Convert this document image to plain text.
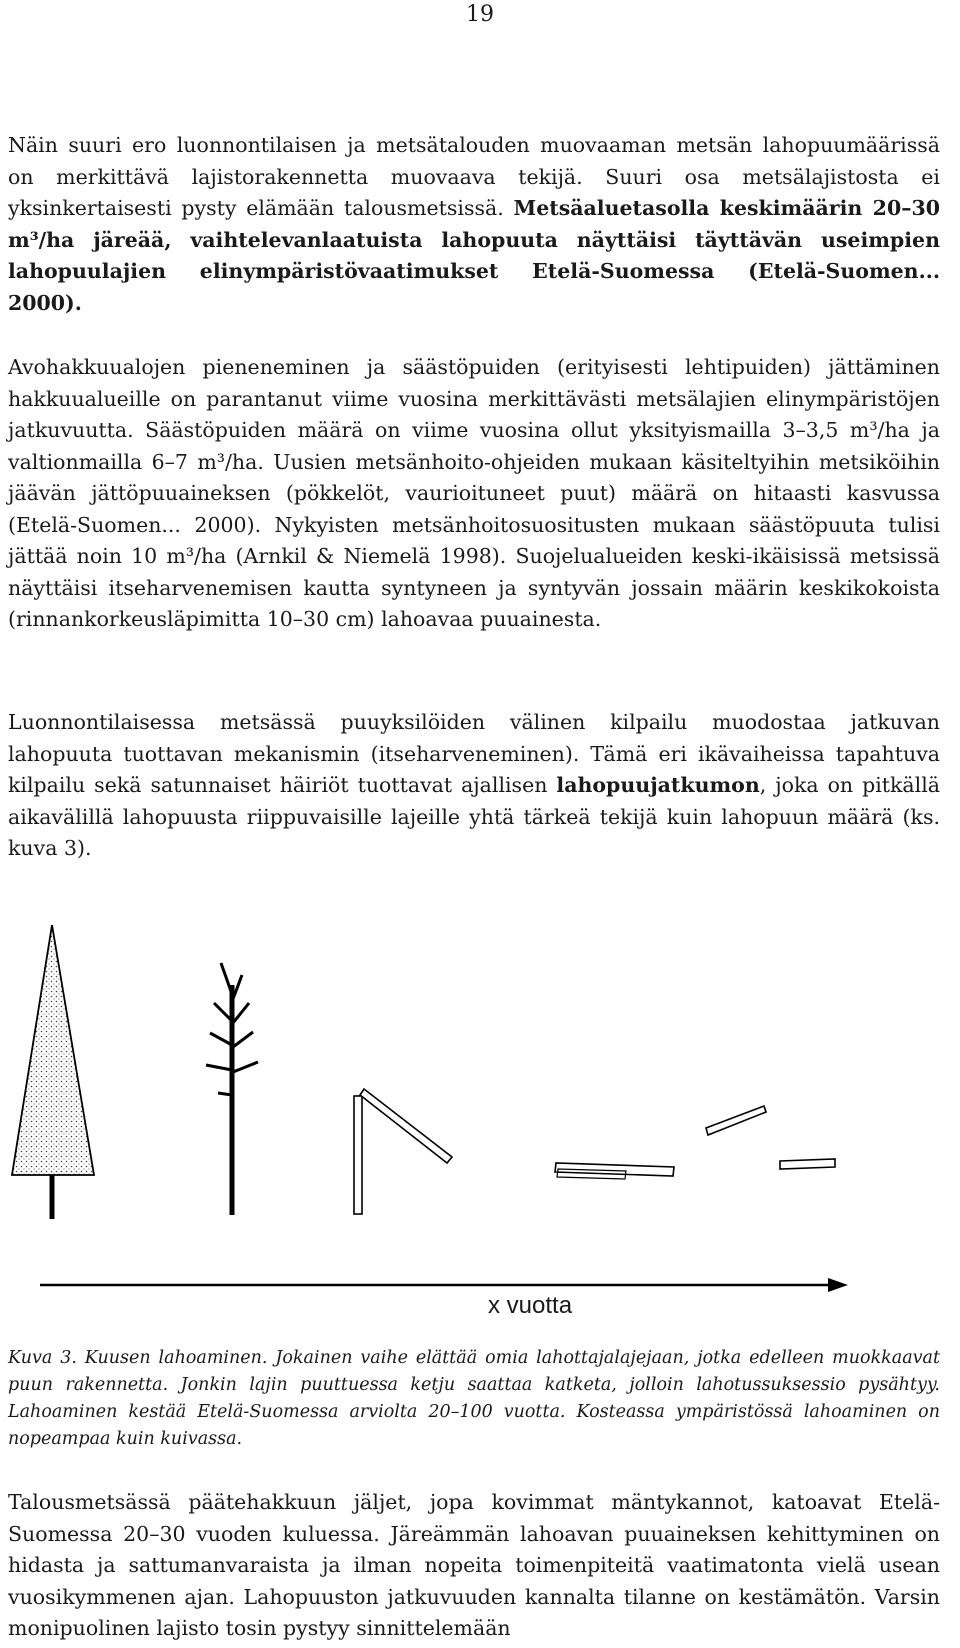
19

Näin suuri ero luonnontilaisen ja metsätalouden muovaaman metsän lahopuumäärissä on merkittävä lajistorakennetta muovaava tekijä. Suuri osa metsälajistosta ei yksinkertaisesti pysty elämään talousmetsissä. Metsäaluetasolla keskimäärin 20–30 m³/ha järeää, vaihtelevanlaatuista lahopuuta näyttäisi täyttävän useimpien lahopuulajien elinympäristövaatimukset Etelä-Suomessa (Etelä-Suomen... 2000).

Avohakkuualojen pieneneminen ja säästöpuiden (erityisesti lehtipuiden) jättäminen hakkuualueille on parantanut viime vuosina merkittävästi metsälajien elinympäristöjen jatkuvuutta. Säästöpuiden määrä on viime vuosina ollut yksityismailla 3–3,5 m³/ha ja valtionmailla 6–7 m³/ha. Uusien metsänhoito-ohjeiden mukaan käsiteltyihin metsiköihin jäävän jättöpuuaineksen (pökkelöt, vaurioituneet puut) määrä on hitaasti kasvussa (Etelä-Suomen... 2000). Nykyisten metsänhoitosuositusten mukaan säästöpuuta tulisi jättää noin 10 m³/ha (Arnkil & Niemelä 1998). Suojelualueiden keski-ikäisissä metsissä näyttäisi itseharvenemisen kautta syntyneen ja syntyvän jossain määrin keskikokoista (rinnankorkeusläpimitta 10–30 cm) lahoavaa puuainesta.

Luonnontilaisessa metsässä puuyksilöiden välinen kilpailu muodostaa jatkuvan lahopuuta tuottavan mekanismin (itseharveneminen). Tämä eri ikävaiheissa tapahtuva kilpailu sekä satunnaiset häiriöt tuottavat ajallisen lahopuujatkumon, joka on pitkällä aikavälillä lahopuusta riippuvaisille lajeille yhtä tärkeä tekijä kuin lahopuun määrä (ks. kuva 3).

x vuotta

Kuva 3. Kuusen lahoaminen. Jokainen vaihe elättää omia lahottajalajejaan, jotka edelleen muokkaavat puun rakennetta. Jonkin lajin puuttuessa ketju saattaa katketa, jolloin lahotussuksessio pysähtyy. Lahoaminen kestää Etelä-Suomessa arviolta 20–100 vuotta. Kosteassa ympäristössä lahoaminen on nopeampaa kuin kuivassa.

Talousmetsässä päätehakkuun jäljet, jopa kovimmat mäntykannot, katoavat Etelä-Suomessa 20–30 vuoden kuluessa. Järeämmän lahoavan puuaineksen kehittyminen on hidasta ja sattumanvaraista ja ilman nopeita toimenpiteitä vaatimatonta vielä usean vuosikymmenen ajan. Lahopuuston jatkuvuuden kannalta tilanne on kestämätön. Varsin monipuolinen lajisto tosin pystyy sinnittelemään
